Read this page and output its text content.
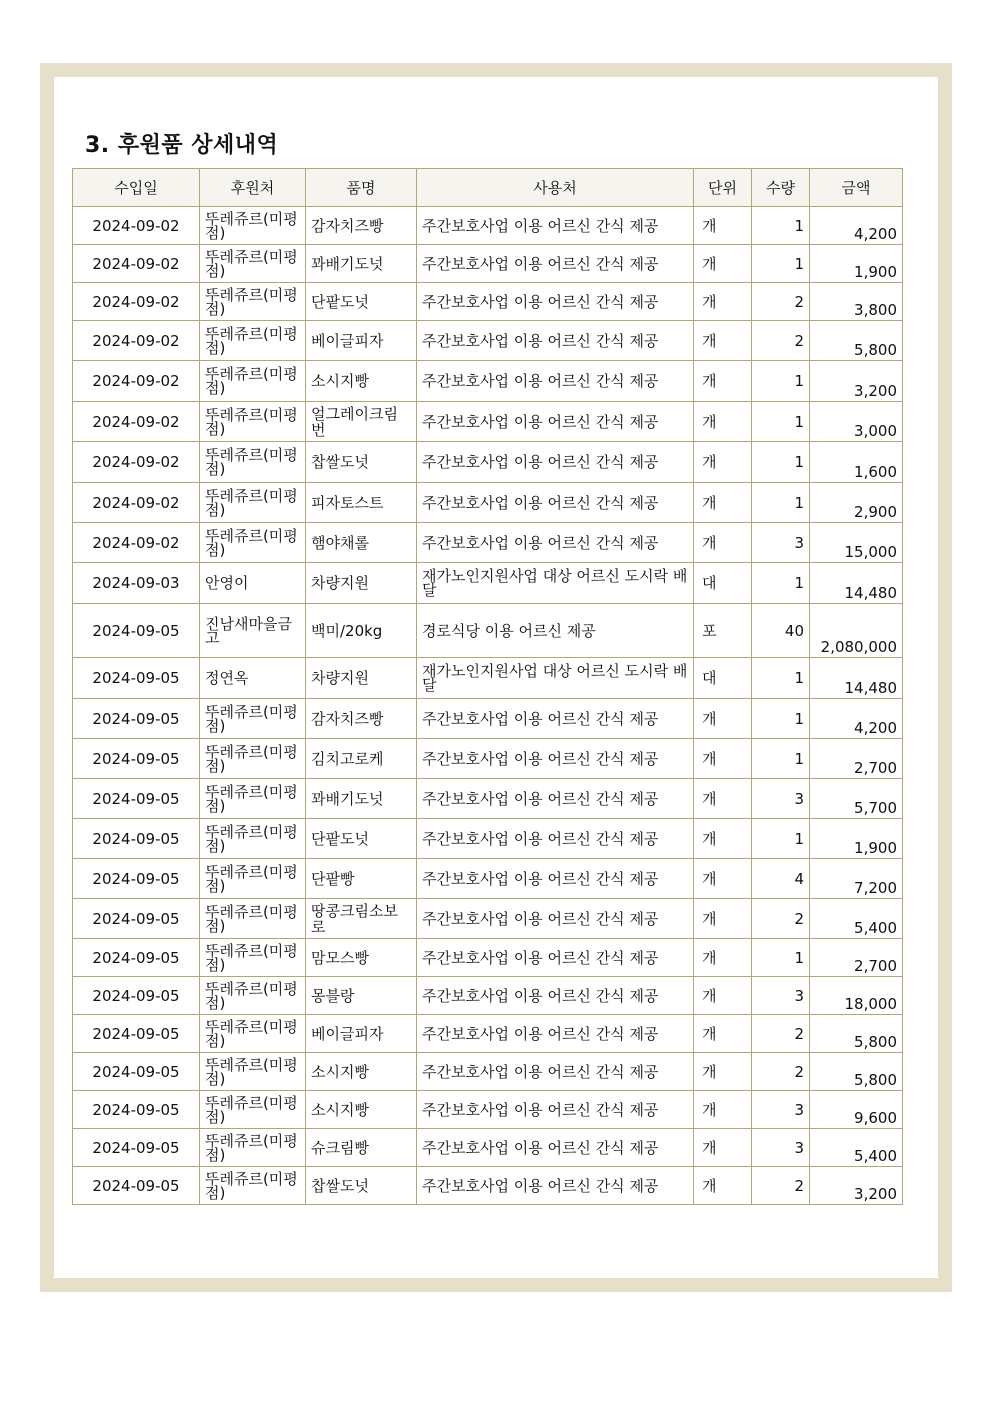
3. 후원품 상세내역
수입일	후원처	품명	사용처	단위	수량	금액
2024-09-02	뚜레쥬르(미평점)	감자치즈빵	주간보호사업 이용 어르신 간식 제공	개	1	4,200
2024-09-02	뚜레쥬르(미평점)	꽈배기도넛	주간보호사업 이용 어르신 간식 제공	개	1	1,900
2024-09-02	뚜레쥬르(미평점)	단팥도넛	주간보호사업 이용 어르신 간식 제공	개	2	3,800
2024-09-02	뚜레쥬르(미평점)	베이글피자	주간보호사업 이용 어르신 간식 제공	개	2	5,800
2024-09-02	뚜레쥬르(미평점)	소시지빵	주간보호사업 이용 어르신 간식 제공	개	1	3,200
2024-09-02	뚜레쥬르(미평점)	얼그레이크림번	주간보호사업 이용 어르신 간식 제공	개	1	3,000
2024-09-02	뚜레쥬르(미평점)	찹쌀도넛	주간보호사업 이용 어르신 간식 제공	개	1	1,600
2024-09-02	뚜레쥬르(미평점)	피자토스트	주간보호사업 이용 어르신 간식 제공	개	1	2,900
2024-09-02	뚜레쥬르(미평점)	햄야채롤	주간보호사업 이용 어르신 간식 제공	개	3	15,000
2024-09-03	안영이	차량지원	재가노인지원사업 대상 어르신 도시락 배달	대	1	14,480
2024-09-05	진남새마을금고	백미/20kg	경로식당 이용 어르신 제공	포	40	2,080,000
2024-09-05	정연옥	차량지원	재가노인지원사업 대상 어르신 도시락 배달	대	1	14,480
2024-09-05	뚜레쥬르(미평점)	감자치즈빵	주간보호사업 이용 어르신 간식 제공	개	1	4,200
2024-09-05	뚜레쥬르(미평점)	김치고로케	주간보호사업 이용 어르신 간식 제공	개	1	2,700
2024-09-05	뚜레쥬르(미평점)	꽈배기도넛	주간보호사업 이용 어르신 간식 제공	개	3	5,700
2024-09-05	뚜레쥬르(미평점)	단팥도넛	주간보호사업 이용 어르신 간식 제공	개	1	1,900
2024-09-05	뚜레쥬르(미평점)	단팥빵	주간보호사업 이용 어르신 간식 제공	개	4	7,200
2024-09-05	뚜레쥬르(미평점)	땅콩크림소보로	주간보호사업 이용 어르신 간식 제공	개	2	5,400
2024-09-05	뚜레쥬르(미평점)	맘모스빵	주간보호사업 이용 어르신 간식 제공	개	1	2,700
2024-09-05	뚜레쥬르(미평점)	몽블랑	주간보호사업 이용 어르신 간식 제공	개	3	18,000
2024-09-05	뚜레쥬르(미평점)	베이글피자	주간보호사업 이용 어르신 간식 제공	개	2	5,800
2024-09-05	뚜레쥬르(미평점)	소시지빵	주간보호사업 이용 어르신 간식 제공	개	2	5,800
2024-09-05	뚜레쥬르(미평점)	소시지빵	주간보호사업 이용 어르신 간식 제공	개	3	9,600
2024-09-05	뚜레쥬르(미평점)	슈크림빵	주간보호사업 이용 어르신 간식 제공	개	3	5,400
2024-09-05	뚜레쥬르(미평점)	찹쌀도넛	주간보호사업 이용 어르신 간식 제공	개	2	3,200
